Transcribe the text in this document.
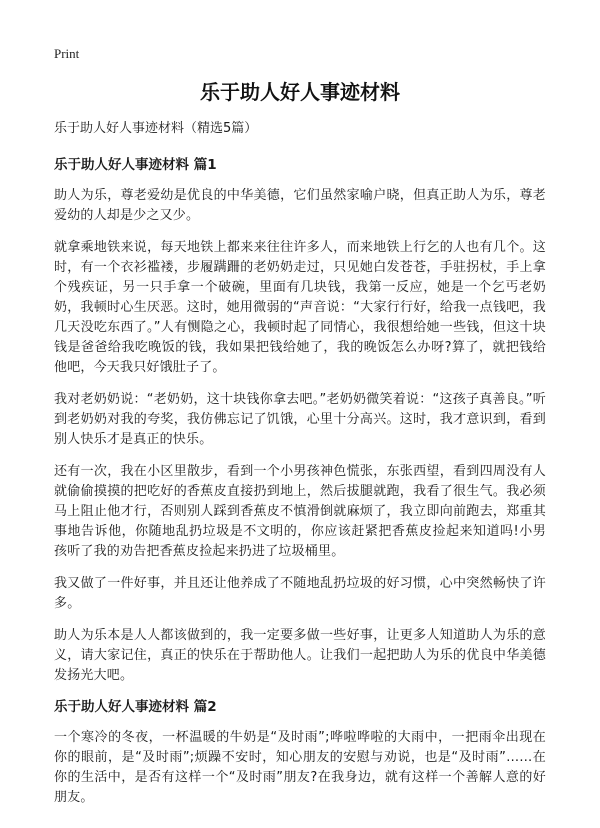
Print
乐于助人好人事迹材料

乐于助人好人事迹材料（精选5篇）

乐于助人好人事迹材料 篇1

助人为乐，尊老爱幼是优良的中华美德，它们虽然家喻户晓，但真正助人为乐，尊老爱幼的人却是少之又少。

就拿乘地铁来说，每天地铁上都来来往往许多人，而来地铁上行乞的人也有几个。这时，有一个衣衫褴褛，步履蹒跚的老奶奶走过，只见她白发苍苍，手驻拐杖，手上拿个残疾证，另一只手拿一个破碗，里面有几块钱，我第一反应，她是一个乞丐老奶奶，我顿时心生厌恶。这时，她用微弱的“声音说：“大家行行好，给我一点钱吧，我几天没吃东西了。”人有恻隐之心，我顿时起了同情心，我很想给她一些钱，但这十块钱是爸爸给我吃晚饭的钱，我如果把钱给她了，我的晚饭怎么办呀?算了，就把钱给他吧，今天我只好饿肚子了。

我对老奶奶说：“老奶奶，这十块钱你拿去吧。”老奶奶微笑着说：“这孩子真善良。”听到老奶奶对我的夸奖，我仿佛忘记了饥饿，心里十分高兴。这时，我才意识到，看到别人快乐才是真正的快乐。

还有一次，我在小区里散步，看到一个小男孩神色慌张，东张西望，看到四周没有人就偷偷摸摸的把吃好的香蕉皮直接扔到地上，然后拔腿就跑，我看了很生气。我必须马上阻止他才行，否则别人踩到香蕉皮不慎滑倒就麻烦了，我立即向前跑去，郑重其事地告诉他，你随地乱扔垃圾是不文明的，你应该赶紧把香蕉皮捡起来知道吗!小男孩听了我的劝告把香蕉皮捡起来扔进了垃圾桶里。

我又做了一件好事，并且还让他养成了不随地乱扔垃圾的好习惯，心中突然畅快了许多。

助人为乐本是人人都该做到的，我一定要多做一些好事，让更多人知道助人为乐的意义，请大家记住，真正的快乐在于帮助他人。让我们一起把助人为乐的优良中华美德发扬光大吧。

乐于助人好人事迹材料 篇2

一个寒冷的冬夜，一杯温暖的牛奶是“及时雨”;哗啦哗啦的大雨中，一把雨伞出现在你的眼前，是“及时雨”;烦躁不安时，知心朋友的安慰与劝说，也是“及时雨”……在你的生活中，是否有这样一个“及时雨”朋友?在我身边，就有这样一个善解人意的好朋友。
